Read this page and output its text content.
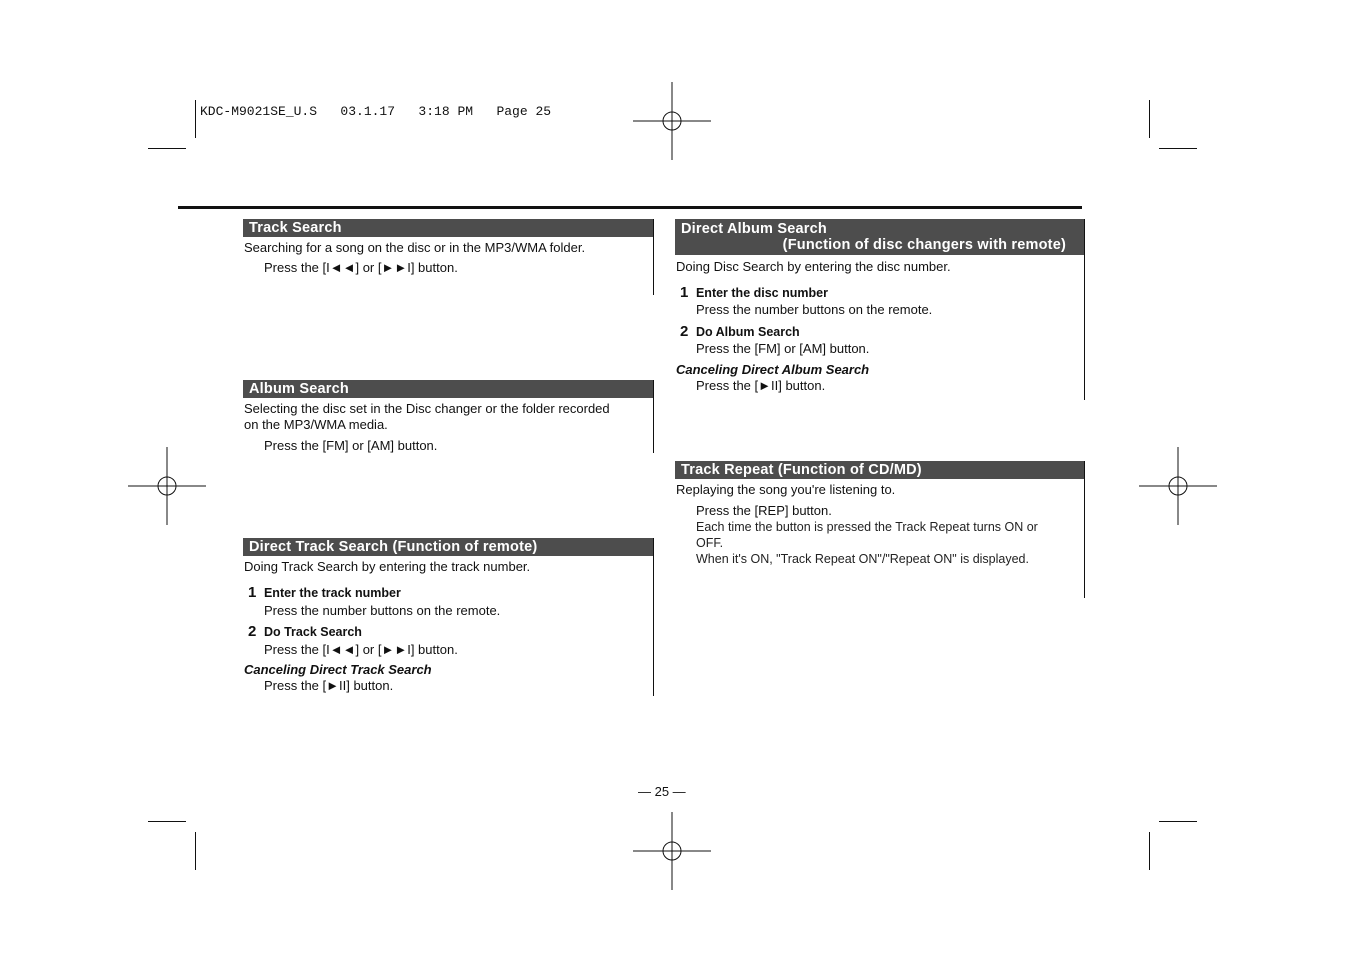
KDC-M9021SE_U.S   03.1.17   3:18 PM   Page 25
Track Search

Searching for a song on the disc or in the MP3/WMA folder.

Press the [I◄◄] or [►►I] button.

Album Search

Selecting the disc set in the Disc changer or the folder recorded

on the MP3/WMA media.

Press the [FM] or [AM] button.

Direct Track Search (Function of remote)

Doing Track Search by entering the track number.

1 Enter the track number

Press the number buttons on the remote.

2 Do Track Search

Press the [I◄◄] or [►►I] button.

Canceling Direct Track Search

Press the [►II] button.

Direct Album Search
(Function of disc changers with remote)

Doing Disc Search by entering the disc number.

1 Enter the disc number

Press the number buttons on the remote.

2 Do Album Search

Press the [FM] or [AM] button.

Canceling Direct Album Search

Press the [►II] button.

Track Repeat (Function of CD/MD)

Replaying the song you're listening to.

Press the [REP] button.

Each time the button is pressed the Track Repeat turns ON or

OFF.

When it's ON, "Track Repeat ON"/"Repeat ON" is displayed.

— 25 —
